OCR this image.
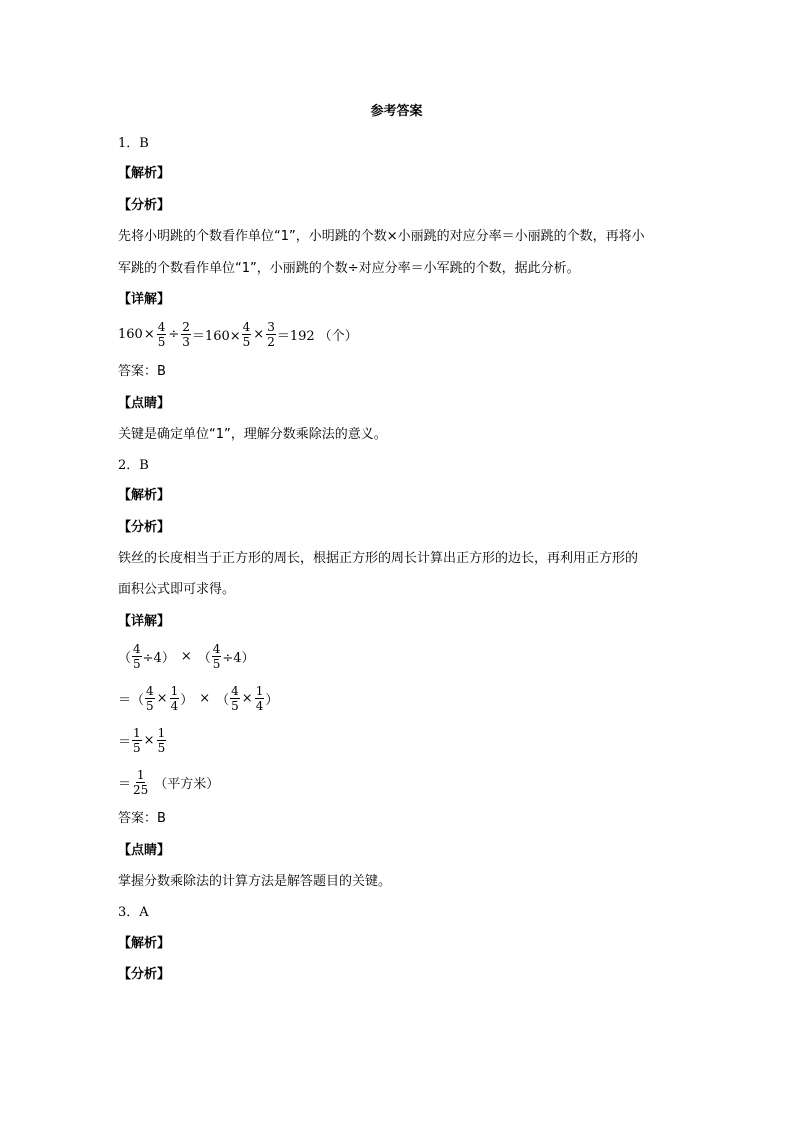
参考答案
1．B
【解析】
【分析】
先将小明跳的个数看作单位“1”，小明跳的个数×小丽跳的对应分率＝小丽跳的个数，再将小
军跳的个数看作单位“1”，小丽跳的个数÷对应分率＝小军跳的个数，据此分析。
【详解】
$160 \times \frac{4}{5} \div \frac{2}{3} =160\times \frac{4}{5} \times \frac{3}{2} =192$ （个）
答案：B
【点睛】
关键是确定单位“1”，理解分数乘除法的意义。
2．B
【解析】
【分析】
铁丝的长度相当于正方形的周长，根据正方形的周长计算出正方形的边长，再利用正方形的
面积公式即可求得。
【详解】
（ $\frac{4}{5} \div 4$） × （ $\frac{4}{5} \div 4$）
＝ （ $\frac{4}{5} \times \frac{1}{4}$ ） × （ $\frac{4}{5} \times \frac{1}{4}$ ）
＝ $\frac{1}{5} \times \frac{1}{5}$
＝ $\frac{1}{25}$ （平方米）
答案：B
【点睛】
掌握分数乘除法的计算方法是解答题目的关键。
3．A
【解析】
【分析】
